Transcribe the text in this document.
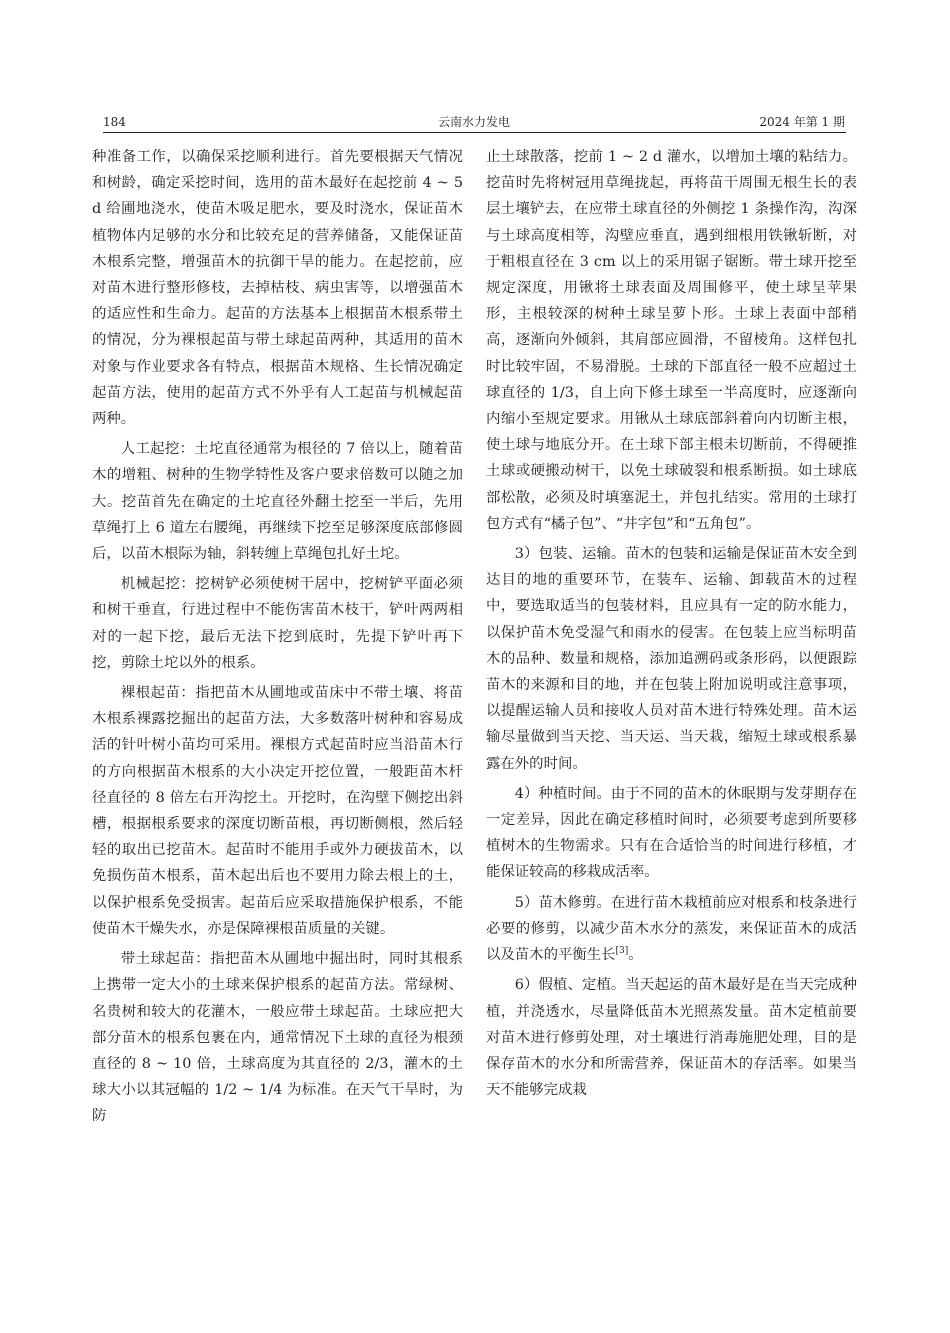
184	云南水力发电	2024 年第 1 期

种准备工作，以确保采挖顺利进行。首先要根据天气情况和树龄，确定采挖时间，选用的苗木最好在起挖前 4 ~ 5 d 给圃地浇水，使苗木吸足肥水，要及时浇水，保证苗木植物体内足够的水分和比较充足的营养储备，又能保证苗木根系完整，增强苗木的抗御干旱的能力。在起挖前，应对苗木进行整形修枝，去掉枯枝、病虫害等，以增强苗木的适应性和生命力。起苗的方法基本上根据苗木根系带土的情况，分为裸根起苗与带土球起苗两种，其适用的苗木对象与作业要求各有特点，根据苗木规格、生长情况确定起苗方法，使用的起苗方式不外乎有人工起苗与机械起苗两种。

人工起挖：土坨直径通常为根径的 7 倍以上，随着苗木的增粗、树种的生物学特性及客户要求倍数可以随之加大。挖苗首先在确定的土坨直径外翻土挖至一半后，先用草绳打上 6 道左右腰绳，再继续下挖至足够深度底部修圆后，以苗木根际为轴，斜转缠上草绳包扎好土坨。

机械起挖：挖树铲必须使树干居中，挖树铲平面必须和树干垂直，行进过程中不能伤害苗木枝干，铲叶两两相对的一起下挖，最后无法下挖到底时，先提下铲叶再下挖，剪除土坨以外的根系。

裸根起苗：指把苗木从圃地或苗床中不带土壤、将苗木根系裸露挖掘出的起苗方法，大多数落叶树种和容易成活的针叶树小苗均可采用。裸根方式起苗时应当沿苗木行的方向根据苗木根系的大小决定开挖位置，一般距苗木杆径直径的 8 倍左右开沟挖土。开挖时，在沟壁下侧挖出斜槽，根据根系要求的深度切断苗根，再切断侧根，然后轻轻的取出已挖苗木。起苗时不能用手或外力硬拔苗木，以免损伤苗木根系，苗木起出后也不要用力除去根上的土，以保护根系免受损害。起苗后应采取措施保护根系，不能使苗木干燥失水，亦是保障裸根苗质量的关键。

带土球起苗：指把苗木从圃地中掘出时，同时其根系上携带一定大小的土球来保护根系的起苗方法。常绿树、名贵树和较大的花灌木，一般应带土球起苗。土球应把大部分苗木的根系包裹在内，通常情况下土球的直径为根颈直径的 8 ~ 10 倍，土球高度为其直径的 2/3，灌木的土球大小以其冠幅的 1/2 ~ 1/4 为标准。在天气干旱时，为防

止土球散落，挖前 1 ~ 2 d 灌水，以增加土壤的粘结力。挖苗时先将树冠用草绳拢起，再将苗干周围无根生长的表层土壤铲去，在应带土球直径的外侧挖 1 条操作沟，沟深与土球高度相等，沟壁应垂直，遇到细根用铁锹斩断，对于粗根直径在 3 cm 以上的采用锯子锯断。带土球开挖至规定深度，用锹将土球表面及周围修平，使土球呈苹果形，主根较深的树种土球呈萝卜形。土球上表面中部稍高，逐渐向外倾斜，其肩部应圆滑，不留棱角。这样包扎时比较牢固，不易滑脱。土球的下部直径一般不应超过土球直径的 1/3，自上向下修土球至一半高度时，应逐渐向内缩小至规定要求。用锹从土球底部斜着向内切断主根，使土球与地底分开。在土球下部主根未切断前，不得硬推土球或硬搬动树干，以免土球破裂和根系断损。如土球底部松散，必须及时填塞泥土，并包扎结实。常用的土球打包方式有“橘子包”、“井字包”和“五角包”。

3）包装、运输。苗木的包装和运输是保证苗木安全到达目的地的重要环节，在装车、运输、卸载苗木的过程中，要选取适当的包装材料，且应具有一定的防水能力，以保护苗木免受湿气和雨水的侵害。在包装上应当标明苗木的品种、数量和规格，添加追溯码或条形码，以便跟踪苗木的来源和目的地，并在包装上附加说明或注意事项，以提醒运输人员和接收人员对苗木进行特殊处理。苗木运输尽量做到当天挖、当天运、当天栽，缩短土球或根系暴露在外的时间。

4）种植时间。由于不同的苗木的休眠期与发芽期存在一定差异，因此在确定移植时间时，必须要考虑到所要移植树木的生物需求。只有在合适恰当的时间进行移植，才能保证较高的移栽成活率。

5）苗木修剪。在进行苗木栽植前应对根系和枝条进行必要的修剪，以减少苗木水分的蒸发，来保证苗木的成活以及苗木的平衡生长[3]。

6）假植、定植。当天起运的苗木最好是在当天完成种植，并浇透水，尽量降低苗木光照蒸发量。苗木定植前要对苗木进行修剪处理，对土壤进行消毒施肥处理，目的是保存苗木的水分和所需营养，保证苗木的存活率。如果当天不能够完成栽
